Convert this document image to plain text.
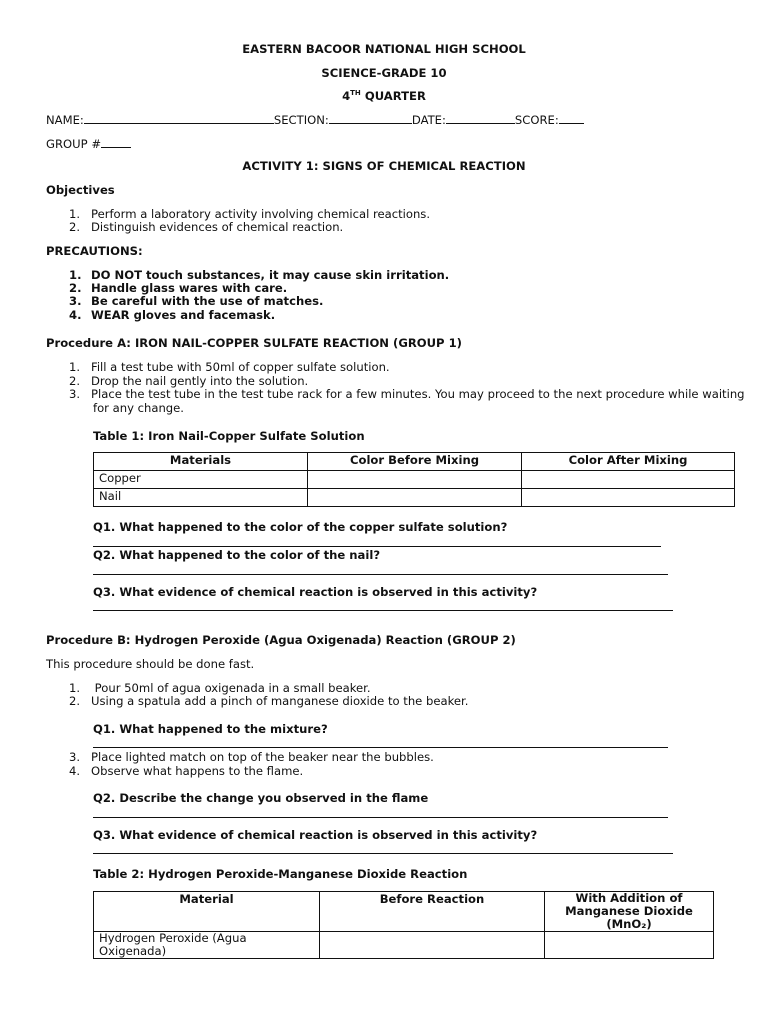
EASTERN BACOOR NATIONAL HIGH SCHOOL
SCIENCE-GRADE 10
4TH QUARTER
NAME:	SECTION:	DATE:	SCORE:
GROUP #
ACTIVITY 1: SIGNS OF CHEMICAL REACTION
Objectives
1. Perform a laboratory activity involving chemical reactions.
2. Distinguish evidences of chemical reaction.
PRECAUTIONS:
1. DO NOT touch substances, it may cause skin irritation.
2. Handle glass wares with care.
3. Be careful with the use of matches.
4. WEAR gloves and facemask.
Procedure A: IRON NAIL-COPPER SULFATE REACTION (GROUP 1)
1. Fill a test tube with 50ml of copper sulfate solution.
2. Drop the nail gently into the solution.
3. Place the test tube in the test tube rack for a few minutes. You may proceed to the next procedure while waiting
for any change.
Table 1: Iron Nail-Copper Sulfate Solution
Materials	Color Before Mixing	Color After Mixing
Copper		
Nail		
Q1. What happened to the color of the copper sulfate solution?
Q2. What happened to the color of the nail?
Q3. What evidence of chemical reaction is observed in this activity?
Procedure B: Hydrogen Peroxide (Agua Oxigenada) Reaction (GROUP 2)
This procedure should be done fast.
1. Pour 50ml of agua oxigenada in a small beaker.
2. Using a spatula add a pinch of manganese dioxide to the beaker.
Q1. What happened to the mixture?
3. Place lighted match on top of the beaker near the bubbles.
4. Observe what happens to the flame.
Q2. Describe the change you observed in the flame
Q3. What evidence of chemical reaction is observed in this activity?
Table 2: Hydrogen Peroxide-Manganese Dioxide Reaction
Material	Before Reaction	With Addition of Manganese Dioxide (MnO₂)
Hydrogen Peroxide (Agua Oxigenada)		
